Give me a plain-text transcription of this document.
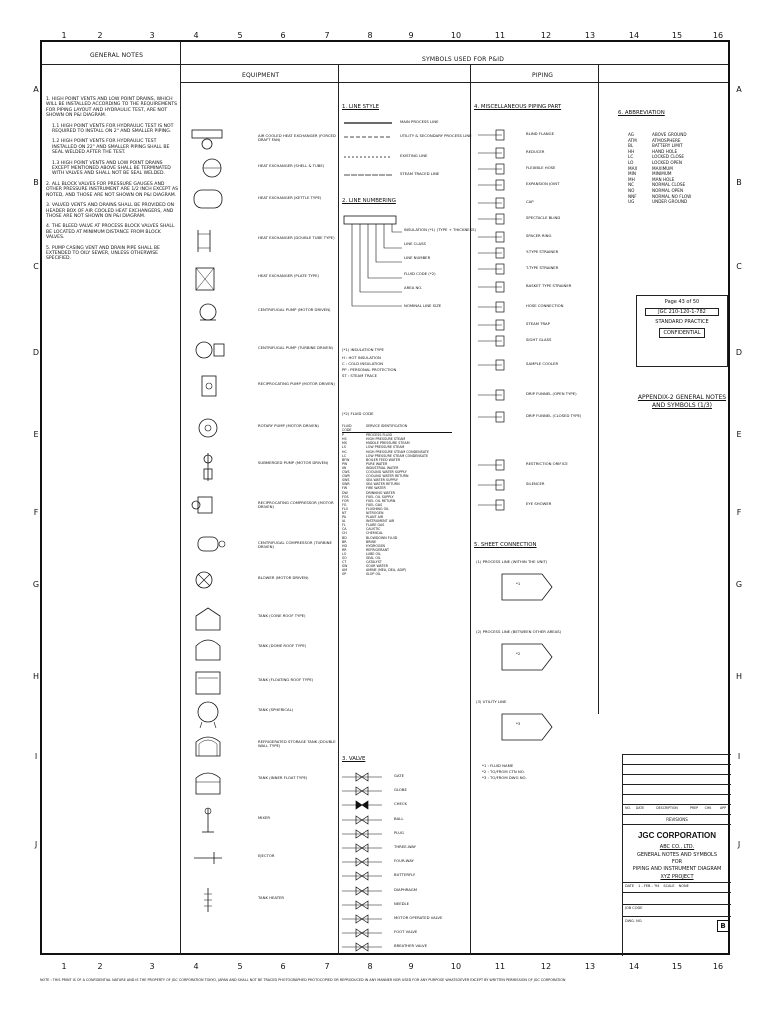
1	2	3	4	5	6	7	8	9	10	11	12	13	14	15	16
1	2	3	4	5	6	7	8	9	10	11	12	13	14	15	16
A
B
C
D
E
F
G
H
I
J
A
B
C
D
E
F
G
H
I
J
GENERAL NOTES
SYMBOLS USED FOR P&ID
EQUIPMENT	PIPING
1. HIGH POINT VENTS AND LOW POINT DRAINS, WHICH WILL BE INSTALLED ACCORDING TO THE REQUIREMENTS FOR PIPING LAYOUT AND HYDRAULIC TEST, ARE NOT SHOWN ON P&I DIAGRAM.
1.1 HIGH POINT VENTS FOR HYDRAULIC TEST IS NOT REQUIRED TO INSTALL ON 2" AND SMALLER PIPING.
1.2 HIGH POINT VENTS FOR HYDRAULIC TEST INSTALLED ON 22" AND SMALLER PIPING SHALL BE SEAL WELDED AFTER THE TEST.
1.3 HIGH POINT VENTS AND LOW POINT DRAINS EXCEPT MENTIONED ABOVE SHALL BE TERMINATED WITH VALVES AND SHALL NOT BE SEAL WELDED.
2. ALL BLOCK VALVES FOR PRESSURE GAUGES AND OTHER PRESSURE INSTRUMENT ARE 1/2 INCH EXCEPT AS NOTED, AND THOSE ARE NOT SHOWN ON P&I DIAGRAM.
3. VALVED VENTS AND DRAINS SHALL BE PROVIDED ON HEADER BOX OF AIR COOLED HEAT EXCHANGERS, AND THOSE ARE NOT SHOWN ON P&I DIAGRAM.
4. THE BLEED VALVE AT PROCESS BLOCK VALVES SHALL BE LOCATED AT MINIMUM DISTANCE FROM BLOCK VALVES.
5. PUMP CASING VENT AND DRAIN PIPE SHALL BE EXTENDED TO OILY SEWER, UNLESS OTHERWISE SPECIFIED.
AIR COOLED HEAT EXCHANGER (FORCED DRAFT FAN)
HEAT EXCHANGER (SHELL & TUBE)
HEAT EXCHANGER (KETTLE TYPE)
HEAT EXCHANGER (DOUBLE TUBE TYPE)
HEAT EXCHANGER (PLATE TYPE)
CENTRIFUGAL PUMP (MOTOR DRIVEN)
CENTRIFUGAL PUMP (TURBINE DRIVEN)
RECIPROCATING PUMP (MOTOR DRIVEN)
ROTARY PUMP (MOTOR DRIVEN)
SUBMERGED PUMP (MOTOR DRIVEN)
RECIPROCATING COMPRESSOR (MOTOR DRIVEN)
CENTRIFUGAL COMPRESSOR (TURBINE DRIVEN)
BLOWER (MOTOR DRIVEN)
TANK (CONE ROOF TYPE)
TANK (DOME ROOF TYPE)
TANK (FLOATING ROOF TYPE)
TANK (SPHERICAL)
REFRIGERATED STORAGE TANK (DOUBLE WALL TYPE)
TANK (INNER FLOAT TYPE)
MIXER
EJECTOR
TANK HEATER
1. LINE STYLE
MAIN PROCESS LINE
UTILITY & SECONDARY PROCESS LINE
EXISTING LINE
STEAM TRACED LINE
2. LINE NUMBERING
INSULATION (*1) (TYPE + THICKNESS)
LINE CLASS
LINE NUMBER
FLUID CODE (*2)
AREA NO.
NOMINAL LINE SIZE
(*1) INSULATION TYPE
H : HOT INSULATION
C : COLD INSULATION
PP : PERSONAL PROTECTION
ST : STEAM TRACE
(*2) FLUID CODE
FLUID CODE
SERVICE IDENTIFICATION
P	PROCESS FLUID
HS	HIGH PRESSURE STEAM
MS	MIDDLE PRESSURE STEAM
LS	LOW PRESSURE STEAM
HC	HIGH PRESSURE STEAM CONDENSATE
LC	LOW PRESSURE STEAM CONDENSATE
BFW	BOILER FEED WATER
PW	PURE WATER
IW	INDUSTRIAL WATER
CWS	COOLING WATER SUPPLY
CWR	COOLING WATER RETURN
SWS	SEA WATER SUPPLY
SWR	SEA WATER RETURN
FW	FIRE WATER
DW	DRINKING WATER
FOS	FUEL OIL SUPPLY
FOR	FUEL OIL RETURN
FG	FUEL GAS
FLO	FLUSHING OIL
NT	NITROGEN
PA	PLANT AIR
IA	INSTRUMENT AIR
FL	FLARE GAS
CA	CAUSTIC
CH	CHEMICAL
BD	BLOWDOWN FLUID
BR	BRINE
HD	HYDROGEN
RR	REFRIGERANT
LO	LUBE OIL
SO	SEAL OIL
CT	CATALYST
SW	SOUR WATER
AM	AMINE (MEA, DEA, ADIP)
SP	SLOP OIL
3. VALVE
GATE
GLOBE
CHECK
BALL
PLUG
THREE-WAY
FOUR-WAY
BUTTERFLY
DIAPHRAGM
NEEDLE
MOTOR OPERATED VALVE
FOOT VALVE
BREATHER VALVE
4. MISCELLANEOUS PIPING PART
BLIND FLANGE
REDUCER
FLEXIBLE HOSE
EXPANSION JOINT
CAP
SPECTACLE BLIND
SPACER RING
Y-TYPE STRAINER
T-TYPE STRAINER
BASKET TYPE STRAINER
HOSE CONNECTION
STEAM TRAP
SIGHT GLASS
SAMPLE COOLER
DRIP FUNNEL (OPEN TYPE)
DRIP FUNNEL (CLOSED TYPE)
RESTRICTION ORIFICE
SILENCER
EYE SHOWER
5. SHEET CONNECTION
(1) PROCESS LINE (WITHIN THE UNIT)
*1
(2) PROCESS LINE (BETWEEN OTHER AREAS)
*2
(3) UTILITY LINE
*3
*1 : FLUID NAME
*2 : TO/FROM CTN NO.
*3 : TO/FROM DWG NO.
6. ABBREVIATION
AG	ABOVE GROUND
ATM	ATMOSPHERE
BL	BATTERY LIMIT
HH	HAND HOLE
LC	LOCKED CLOSE
LO	LOCKED OPEN
MAX	MAXIMUM
MIN	MINIMUM
MH	MAN HOLE
NC	NORMAL CLOSE
NO	NORMAL OPEN
NNF	NORMAL NO FLOW
UG	UNDER GROUND
Page 43 of 50
JGC 210-120-1-782
STANDARD PRACTICE
CONFIDENTIAL
APPENDIX-2 GENERAL NOTES
AND SYMBOLS (1/3)
NO.	DATE	DESCRIPTION	PREP	CHK	APP
REVISIONS
JGC CORPORATION
ABC CO., LTD.
GENERAL NOTES AND SYMBOLS
FOR
PIPING AND INSTRUMENT DIAGRAM
XYZ PROJECT
DATE 1 - FEB - '94 SCALE NONE
JOB CODE
DWG. NO.
B
NOTE : THIS PRINT IS OF A CONFIDENTIAL NATURE AND IS THE PROPERTY OF JGC CORPORATION TOKYO, JAPAN AND SHALL NOT BE TRACED PHOTOGRAPHED PHOTOCOPIED OR REPRODUCED IN ANY MANNER NOR USED FOR ANY PURPOSE WHATSOEVER EXCEPT BY WRITTEN PERMISSION OF JGC CORPORATION
